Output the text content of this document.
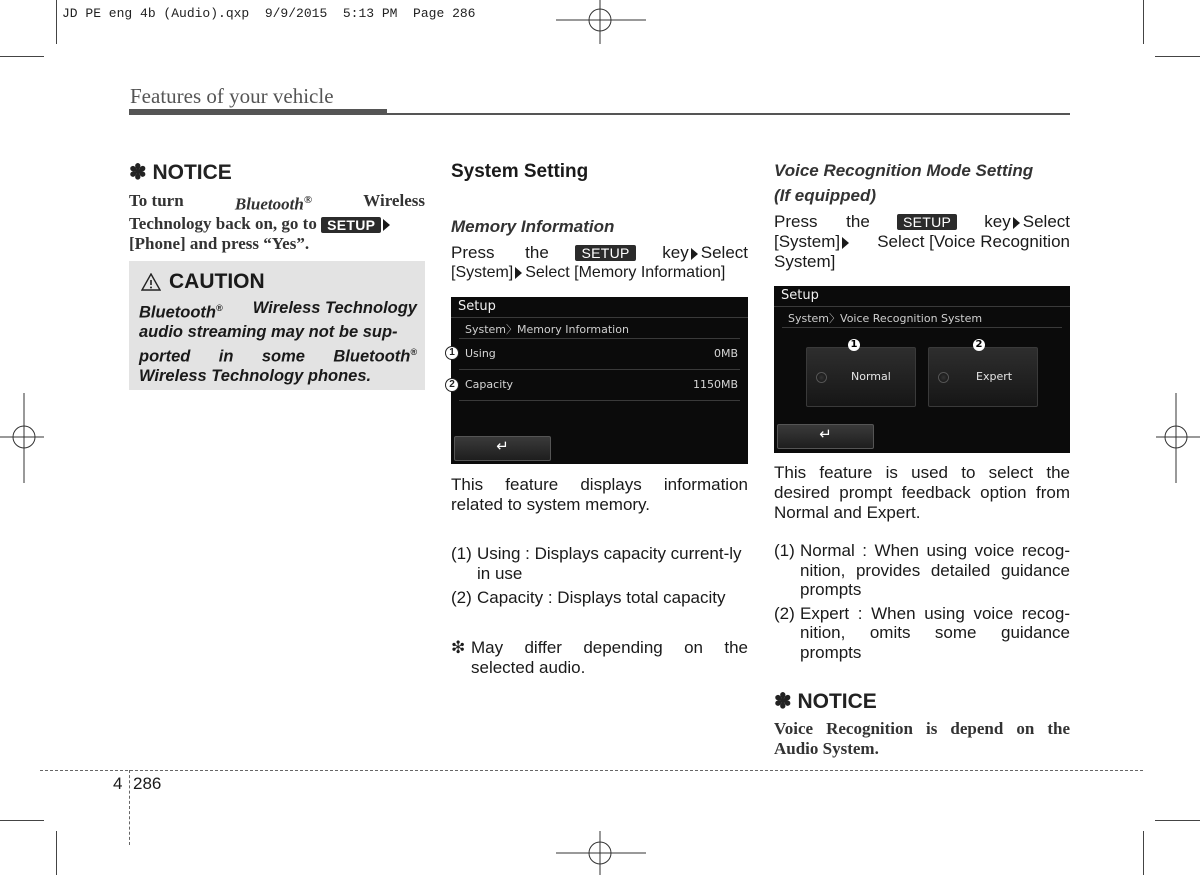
JD PE eng 4b (Audio).qxp  9/9/2015  5:13 PM  Page 286
Features of your vehicle
✽ NOTICE
To turn	Bluetooth®	Wireless
Technology back on, go to SETUP
[Phone] and press “Yes”.
CAUTION
Bluetooth® Wireless Technology
audio streaming may not be sup-
ported in some Bluetooth®
Wireless Technology phones.
System Setting
Memory Information
Press the	SETUP	key Select
[System] Select [Memory Information]
Setup
System〉Memory Information
Using	0MB
Capacity	1150MB
↵
1
2
This feature displays information related to system memory.
(1) Using : Displays capacity current-ly in use
(2) Capacity : Displays total capacity
❇ May differ depending on the selected audio.
Voice Recognition Mode Setting
(If equipped)
Press the	SETUP	key Select
[System]	Select [Voice Recognition
System]
Setup
System〉Voice Recognition System
Normal	Expert
1	2
↵
This feature is used to select the desired prompt feedback option from Normal and Expert.
(1) Normal : When using voice recog-nition, provides detailed guidance prompts
(2) Expert : When using voice recog-nition, omits some guidance prompts
✽ NOTICE
Voice Recognition is depend on the Audio System.
4 286
